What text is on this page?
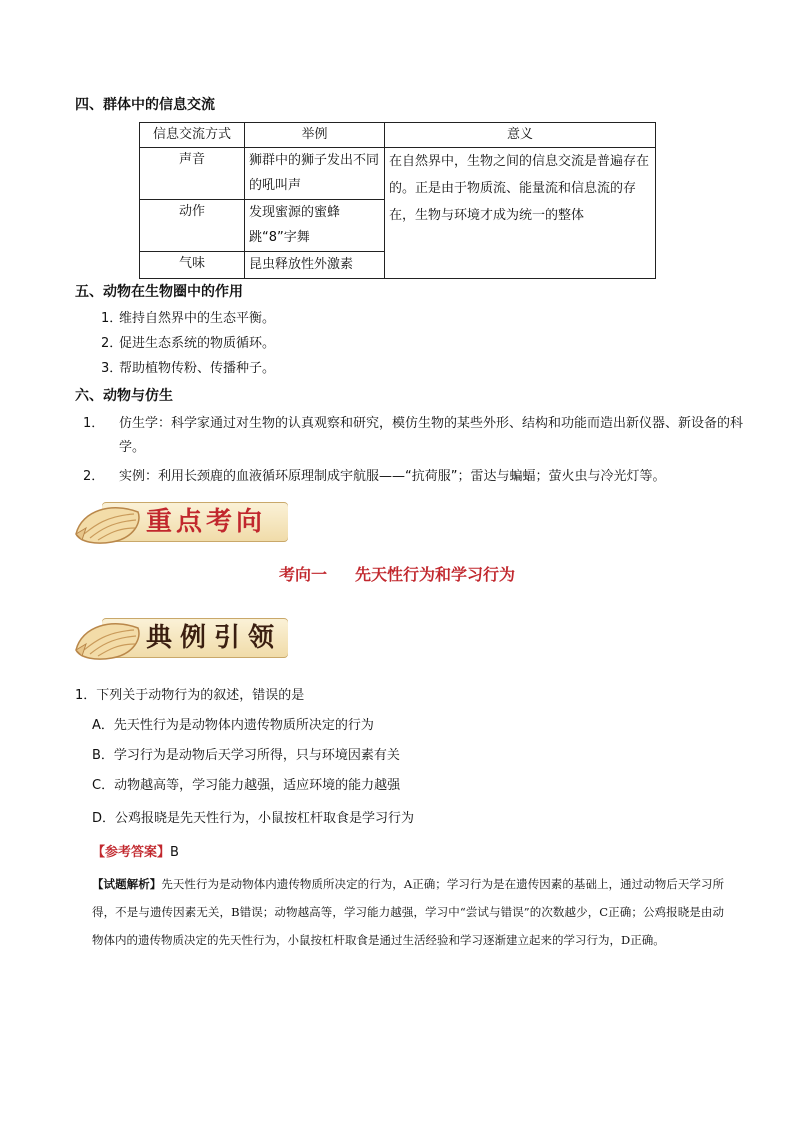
四、群体中的信息交流
信息交流方式	举例	意义
声音	狮群中的狮子发出不同的吼叫声	在自然界中，生物之间的信息交流是普遍存在的。正是由于物质流、能量流和信息流的存在，生物与环境才成为统一的整体
动作	发现蜜源的蜜蜂跳“8”字舞	
气味	昆虫释放性外激素	
五、动物在生物圈中的作用

1．维持自然界中的生态平衡。

2．促进生态系统的物质循环。

3．帮助植物传粉、传播种子。

六、动物与仿生

1． 仿生学：科学家通过对生物的认真观察和研究，模仿生物的某些外形、结构和功能而造出新仪器、新设备的科学。

2． 实例：利用长颈鹿的血液循环原理制成宇航服——“抗荷服”；雷达与蝙蝠；萤火虫与冷光灯等。

重点考向
考向一 先天性行为和学习行为
典例引领

1．下列关于动物行为的叙述，错误的是

A．先天性行为是动物体内遗传物质所决定的行为

B．学习行为是动物后天学习所得，只与环境因素有关

C．动物越高等，学习能力越强，适应环境的能力越强

D．公鸡报晓是先天性行为，小鼠按杠杆取食是学习行为

【参考答案】B

【试题解析】先天性行为是动物体内遗传物质所决定的行为，A正确；学习行为是在遗传因素的基础上，通过动物后天学习所得，不是与遗传因素无关，B错误；动物越高等，学习能力越强，学习中“尝试与错误”的次数越少，C正确；公鸡报晓是由动物体内的遗传物质决定的先天性行为，小鼠按杠杆取食是通过生活经验和学习逐渐建立起来的学习行为，D正确。
